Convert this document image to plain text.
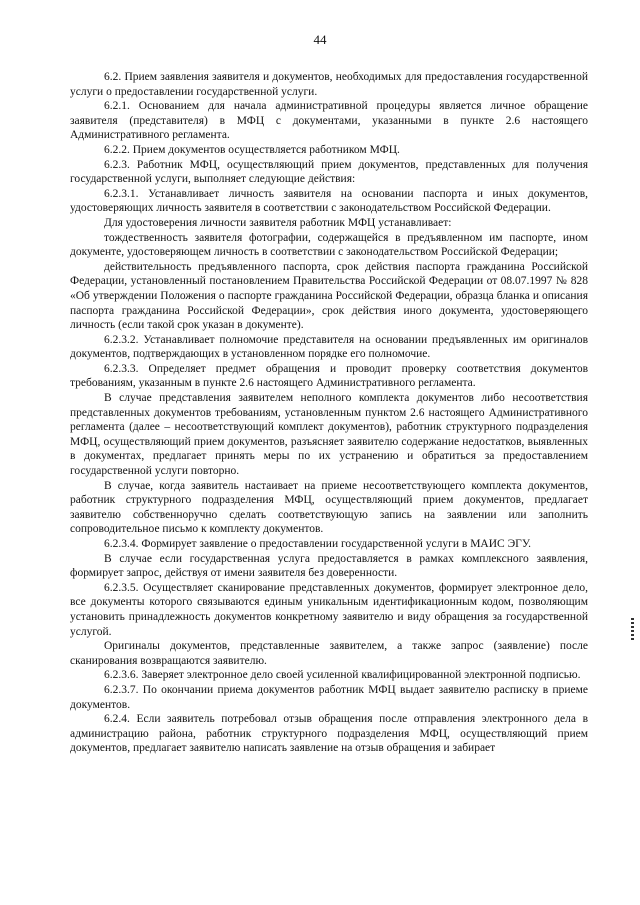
44

6.2. Прием заявления заявителя и документов, необходимых для предоставления государственной услуги о предоставлении государственной услуги.

6.2.1. Основанием для начала административной процедуры является личное обращение заявителя (представителя) в МФЦ с документами, указанными в пункте 2.6 настоящего Административного регламента.

6.2.2. Прием документов осуществляется работником МФЦ.

6.2.3. Работник МФЦ, осуществляющий прием документов, представленных для получения государственной услуги, выполняет следующие действия:

6.2.3.1. Устанавливает личность заявителя на основании паспорта и иных документов, удостоверяющих личность заявителя в соответствии с законодательством Российской Федерации.

Для удостоверения личности заявителя работник МФЦ устанавливает:

тождественность заявителя фотографии, содержащейся в предъявленном им паспорте, ином документе, удостоверяющем личность в соответствии с законодательством Российской Федерации;

действительность предъявленного паспорта, срок действия паспорта гражданина Российской Федерации, установленный постановлением Правительства Российской Федерации от 08.07.1997 № 828 «Об утверждении Положения о паспорте гражданина Российской Федерации, образца бланка и описания паспорта гражданина Российской Федерации», срок действия иного документа, удостоверяющего личность (если такой срок указан в документе).

6.2.3.2. Устанавливает полномочие представителя на основании предъявленных им оригиналов документов, подтверждающих в установленном порядке его полномочие.

6.2.3.3. Определяет предмет обращения и проводит проверку соответствия документов требованиям, указанным в пункте 2.6 настоящего Административного регламента.

В случае представления заявителем неполного комплекта документов либо несоответствия представленных документов требованиям, установленным пунктом 2.6 настоящего Административного регламента (далее – несоответствующий комплект документов), работник структурного подразделения МФЦ, осуществляющий прием документов, разъясняет заявителю содержание недостатков, выявленных в документах, предлагает принять меры по их устранению и обратиться за предоставлением государственной услуги повторно.

В случае, когда заявитель настаивает на приеме несоответствующего комплекта документов, работник структурного подразделения МФЦ, осуществляющий прием документов, предлагает заявителю собственноручно сделать соответствующую запись на заявлении или заполнить сопроводительное письмо к комплекту документов.

6.2.3.4. Формирует заявление о предоставлении государственной услуги в МАИС ЭГУ.

В случае если государственная услуга предоставляется в рамках комплексного заявления, формирует запрос, действуя от имени заявителя без доверенности.

6.2.3.5. Осуществляет сканирование представленных документов, формирует электронное дело, все документы которого связываются единым уникальным идентификационным кодом, позволяющим установить принадлежность документов конкретному заявителю и виду обращения за государственной услугой.

Оригиналы документов, представленные заявителем, а также запрос (заявление) после сканирования возвращаются заявителю.

6.2.3.6. Заверяет электронное дело своей усиленной квалифицированной электронной подписью.

6.2.3.7. По окончании приема документов работник МФЦ выдает заявителю расписку в приеме документов.

6.2.4. Если заявитель потребовал отзыв обращения после отправления электронного дела в администрацию района, работник структурного подразделения МФЦ, осуществляющий прием документов, предлагает заявителю написать заявление на отзыв обращения и забирает
